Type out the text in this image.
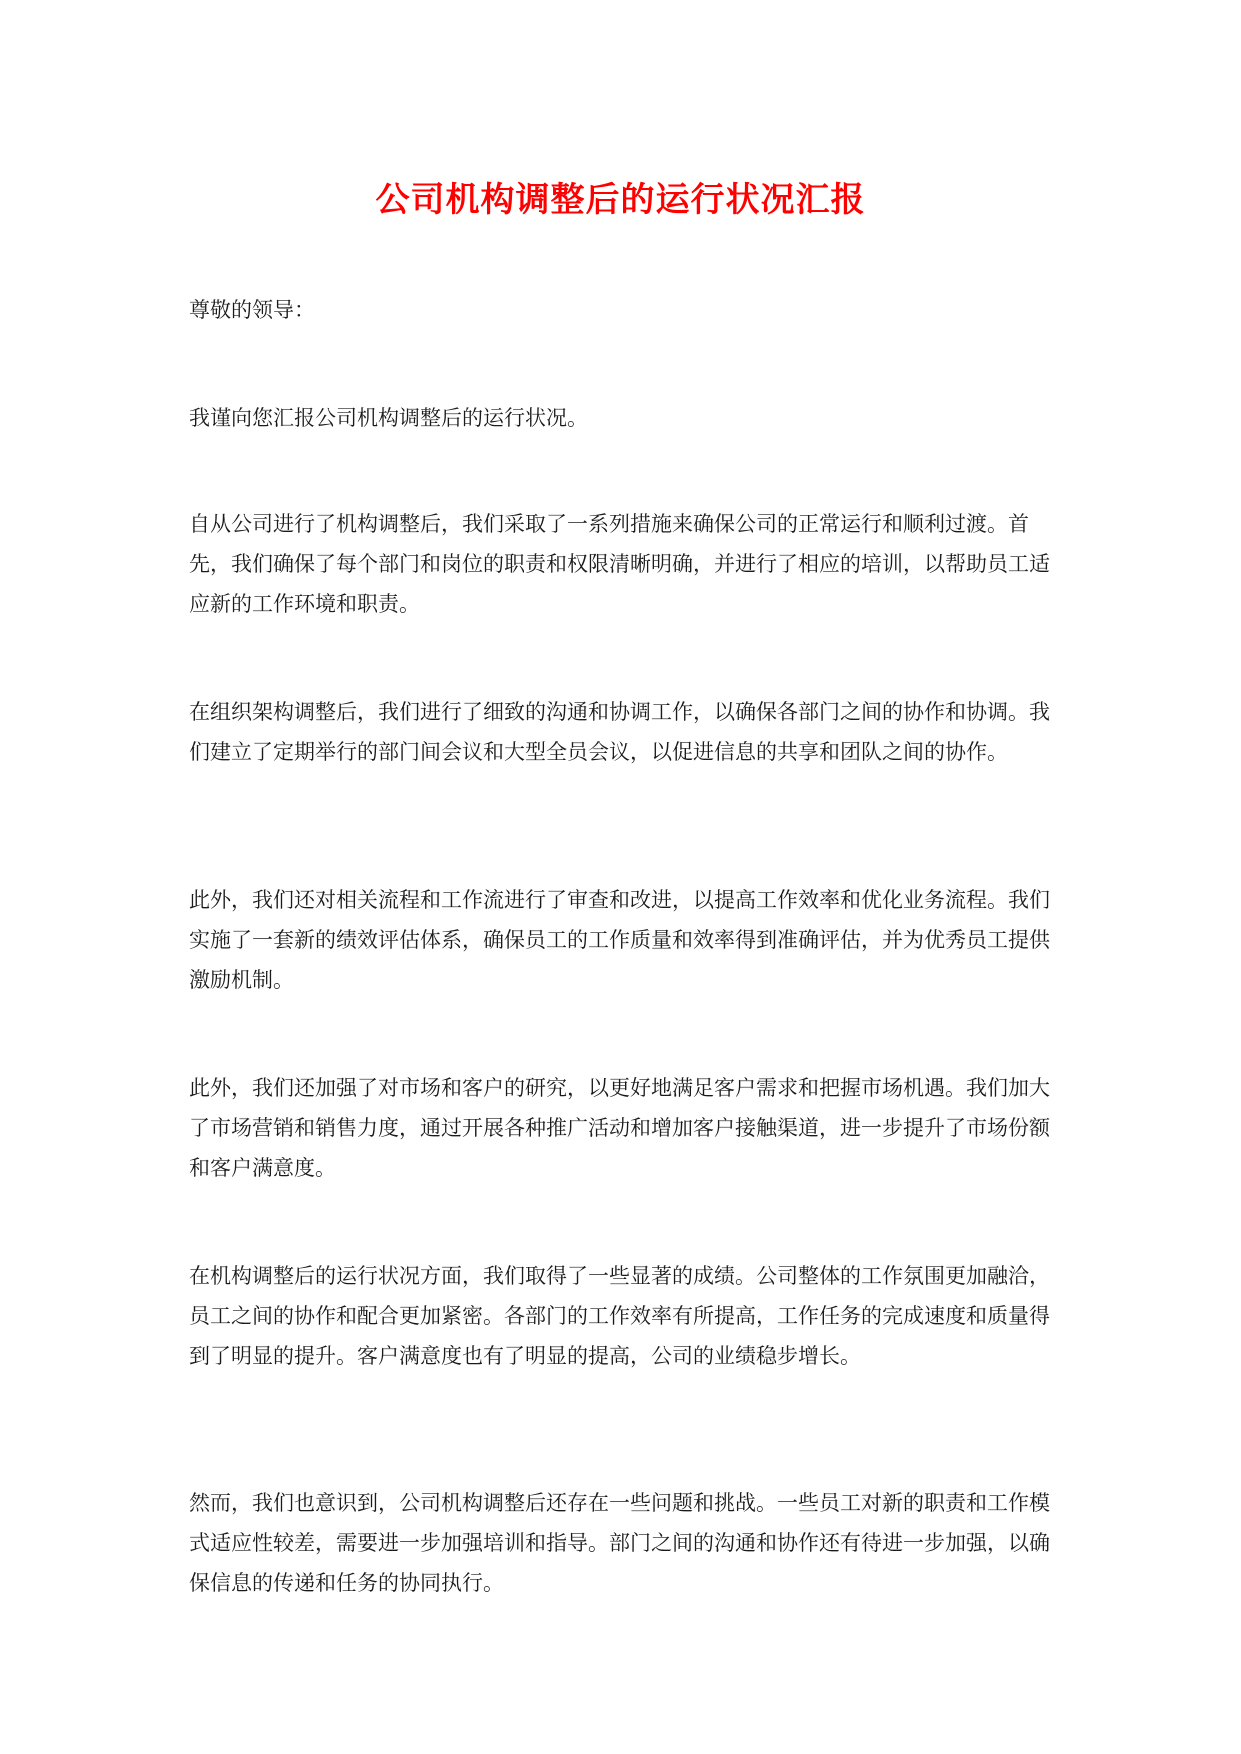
公司机构调整后的运行状况汇报

尊敬的领导：

我谨向您汇报公司机构调整后的运行状况。

自从公司进行了机构调整后，我们采取了一系列措施来确保公司的正常运行和顺利过渡。首先，我们确保了每个部门和岗位的职责和权限清晰明确，并进行了相应的培训，以帮助员工适应新的工作环境和职责。

在组织架构调整后，我们进行了细致的沟通和协调工作，以确保各部门之间的协作和协调。我们建立了定期举行的部门间会议和大型全员会议，以促进信息的共享和团队之间的协作。

此外，我们还对相关流程和工作流进行了审查和改进，以提高工作效率和优化业务流程。我们实施了一套新的绩效评估体系，确保员工的工作质量和效率得到准确评估，并为优秀员工提供激励机制。

此外，我们还加强了对市场和客户的研究，以更好地满足客户需求和把握市场机遇。我们加大了市场营销和销售力度，通过开展各种推广活动和增加客户接触渠道，进一步提升了市场份额和客户满意度。

在机构调整后的运行状况方面，我们取得了一些显著的成绩。公司整体的工作氛围更加融洽，员工之间的协作和配合更加紧密。各部门的工作效率有所提高，工作任务的完成速度和质量得到了明显的提升。客户满意度也有了明显的提高，公司的业绩稳步增长。

然而，我们也意识到，公司机构调整后还存在一些问题和挑战。一些员工对新的职责和工作模式适应性较差，需要进一步加强培训和指导。部门之间的沟通和协作还有待进一步加强，以确保信息的传递和任务的协同执行。
